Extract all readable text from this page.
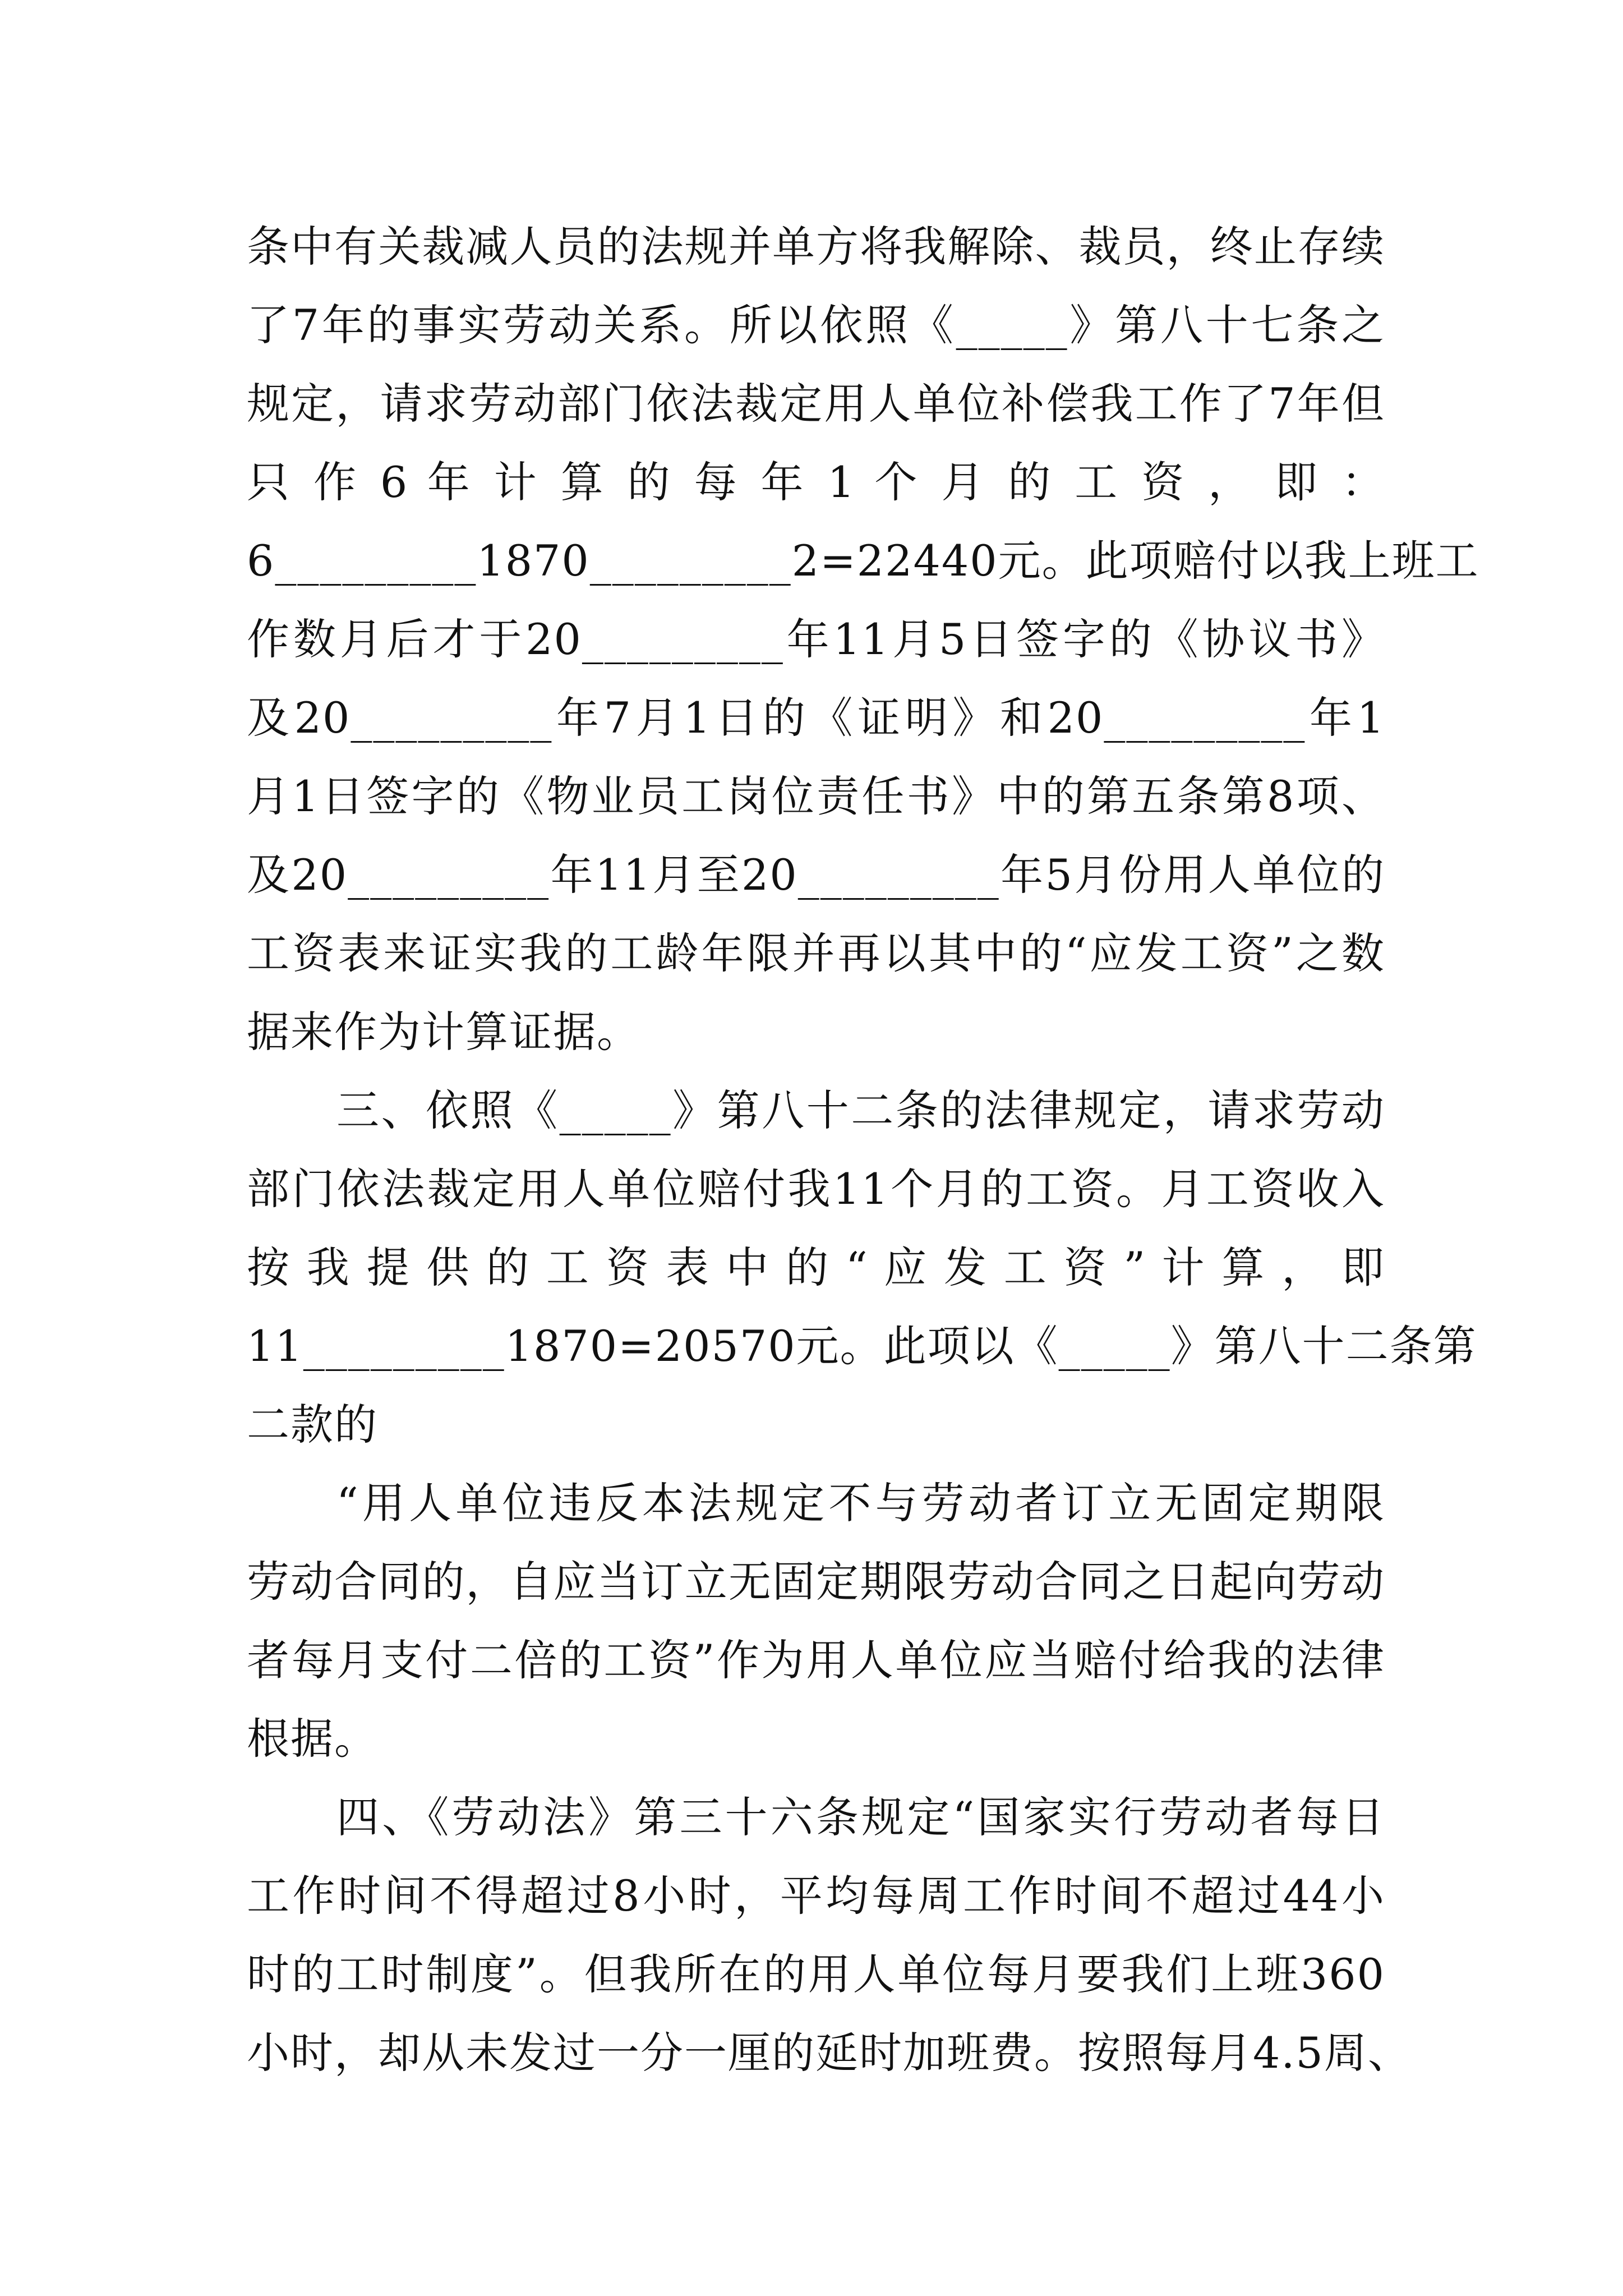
条中有关裁减人员的法规并单方将我解除、裁员，终止存续
了7年的事实劳动关系。所以依照《_____》第八十七条之
规定，请求劳动部门依法裁定用人单位补偿我工作了7年但
只 作 6 年 计 算 的 每 年 1 个 月 的 工 资 ， 即 ：
6_________1870_________2=22440元。此项赔付以我上班工
作数月后才于20_________年11月5日签字的《协议书》
及20_________年7月1日的《证明》和20_________年1
月1日签字的《物业员工岗位责任书》中的第五条第8项、
及20_________年11月至20_________年5月份用人单位的
工资表来证实我的工龄年限并再以其中的“应发工资”之数
据来作为计算证据。
三、依照《_____》第八十二条的法律规定，请求劳动
部门依法裁定用人单位赔付我11个月的工资。月工资收入
按 我 提 供 的 工 资 表 中 的 “ 应 发 工 资 ” 计 算 ， 即
11_________1870=20570元。此项以《_____》第八十二条第
二款的
“用人单位违反本法规定不与劳动者订立无固定期限
劳动合同的，自应当订立无固定期限劳动合同之日起向劳动
者每月支付二倍的工资”作为用人单位应当赔付给我的法律
根据。
四、《劳动法》第三十六条规定“国家实行劳动者每日
工作时间不得超过8小时，平均每周工作时间不超过44小
时的工时制度”。但我所在的用人单位每月要我们上班360
小时，却从未发过一分一厘的延时加班费。按照每月4.5周、
